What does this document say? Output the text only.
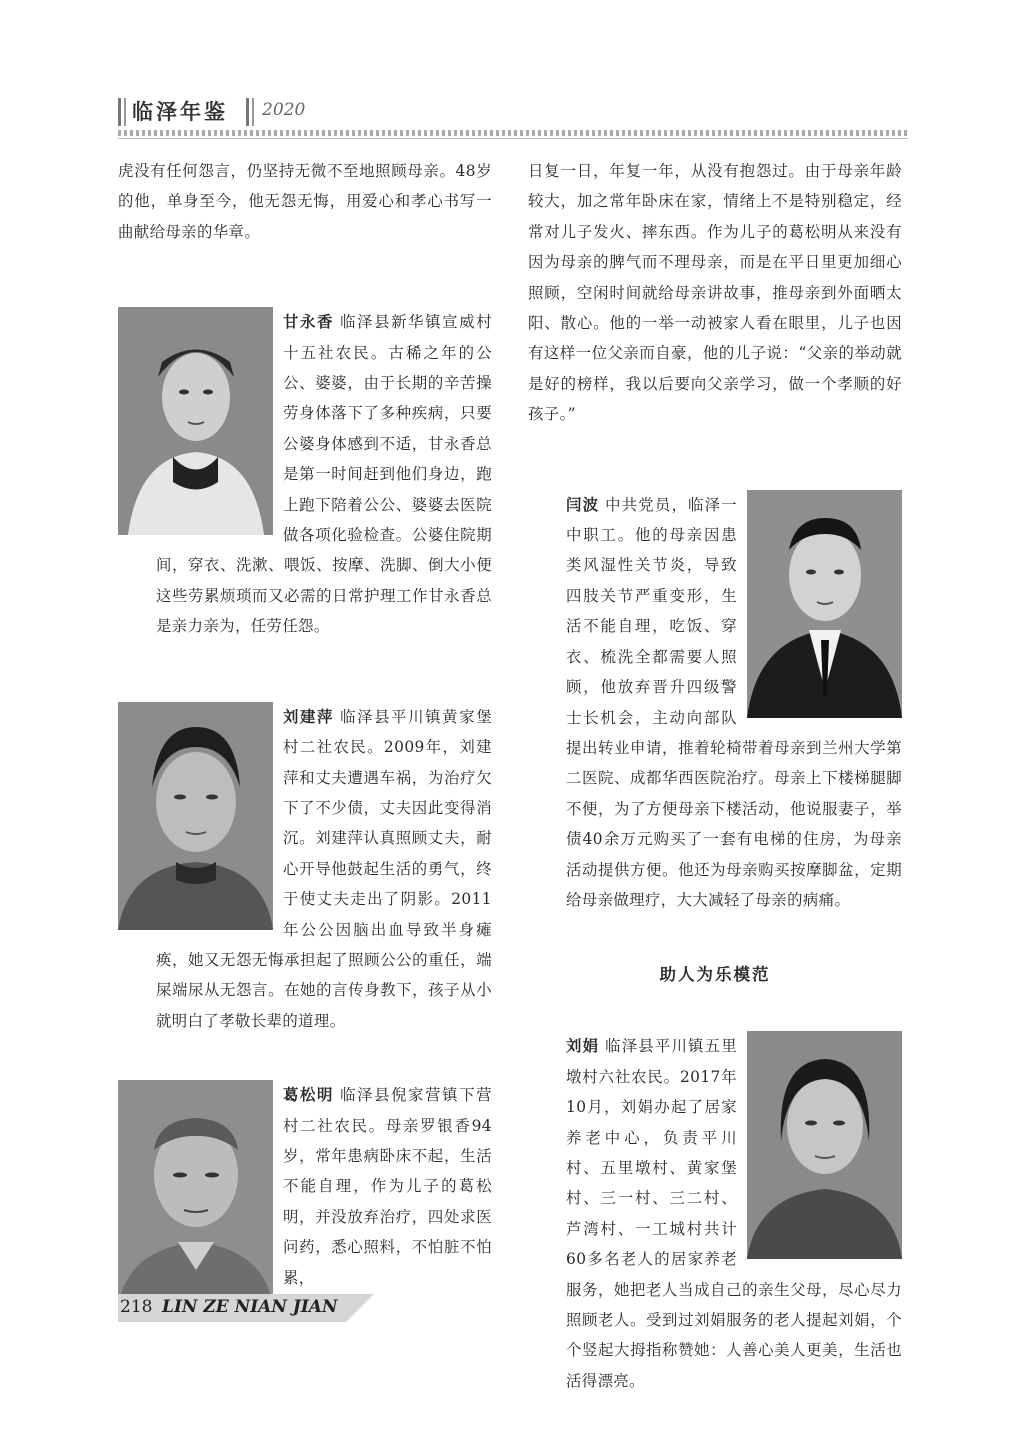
临泽年鉴 2020

虎没有任何怨言，仍坚持无微不至地照顾母亲。48岁的他，单身至今，他无怨无悔，用爱心和孝心书写一曲献给母亲的华章。

甘永香 临泽县新华镇宣威村十五社农民。古稀之年的公公、婆婆，由于长期的辛苦操劳身体落下了多种疾病，只要公婆身体感到不适，甘永香总是第一时间赶到他们身边，跑上跑下陪着公公、婆婆去医院做各项化验检查。公婆住院期间，穿衣、洗漱、喂饭、按摩、洗脚、倒大小便这些劳累烦琐而又必需的日常护理工作甘永香总是亲力亲为，任劳任怨。

刘建萍 临泽县平川镇黄家堡村二社农民。2009年，刘建萍和丈夫遭遇车祸，为治疗欠下了不少债，丈夫因此变得消沉。刘建萍认真照顾丈夫，耐心开导他鼓起生活的勇气，终于使丈夫走出了阴影。2011年公公因脑出血导致半身瘫痪，她又无怨无悔承担起了照顾公公的重任，端屎端尿从无怨言。在她的言传身教下，孩子从小就明白了孝敬长辈的道理。

葛松明 临泽县倪家营镇下营村二社农民。母亲罗银香94岁，常年患病卧床不起，生活不能自理，作为儿子的葛松明，并没放弃治疗，四处求医问药，悉心照料，不怕脏不怕累，

日复一日，年复一年，从没有抱怨过。由于母亲年龄较大，加之常年卧床在家，情绪上不是特别稳定，经常对儿子发火、摔东西。作为儿子的葛松明从来没有因为母亲的脾气而不理母亲，而是在平日里更加细心照顾，空闲时间就给母亲讲故事，推母亲到外面晒太阳、散心。他的一举一动被家人看在眼里，儿子也因有这样一位父亲而自豪，他的儿子说：“父亲的举动就是好的榜样，我以后要向父亲学习，做一个孝顺的好孩子。”

闫波 中共党员，临泽一中职工。他的母亲因患类风湿性关节炎，导致四肢关节严重变形，生活不能自理，吃饭、穿衣、梳洗全都需要人照顾，他放弃晋升四级警士长机会，主动向部队提出转业申请，推着轮椅带着母亲到兰州大学第二医院、成都华西医院治疗。母亲上下楼梯腿脚不便，为了方便母亲下楼活动，他说服妻子，举债40余万元购买了一套有电梯的住房，为母亲活动提供方便。他还为母亲购买按摩脚盆，定期给母亲做理疗，大大减轻了母亲的病痛。

助人为乐模范

刘娟 临泽县平川镇五里墩村六社农民。2017年10月，刘娟办起了居家养老中心，负责平川村、五里墩村、黄家堡村、三一村、三二村、芦湾村、一工城村共计60多名老人的居家养老服务，她把老人当成自己的亲生父母，尽心尽力照顾老人。受到过刘娟服务的老人提起刘娟，个个竖起大拇指称赞她：人善心美人更美，生活也活得漂亮。

218 LIN ZE NIAN JIAN
